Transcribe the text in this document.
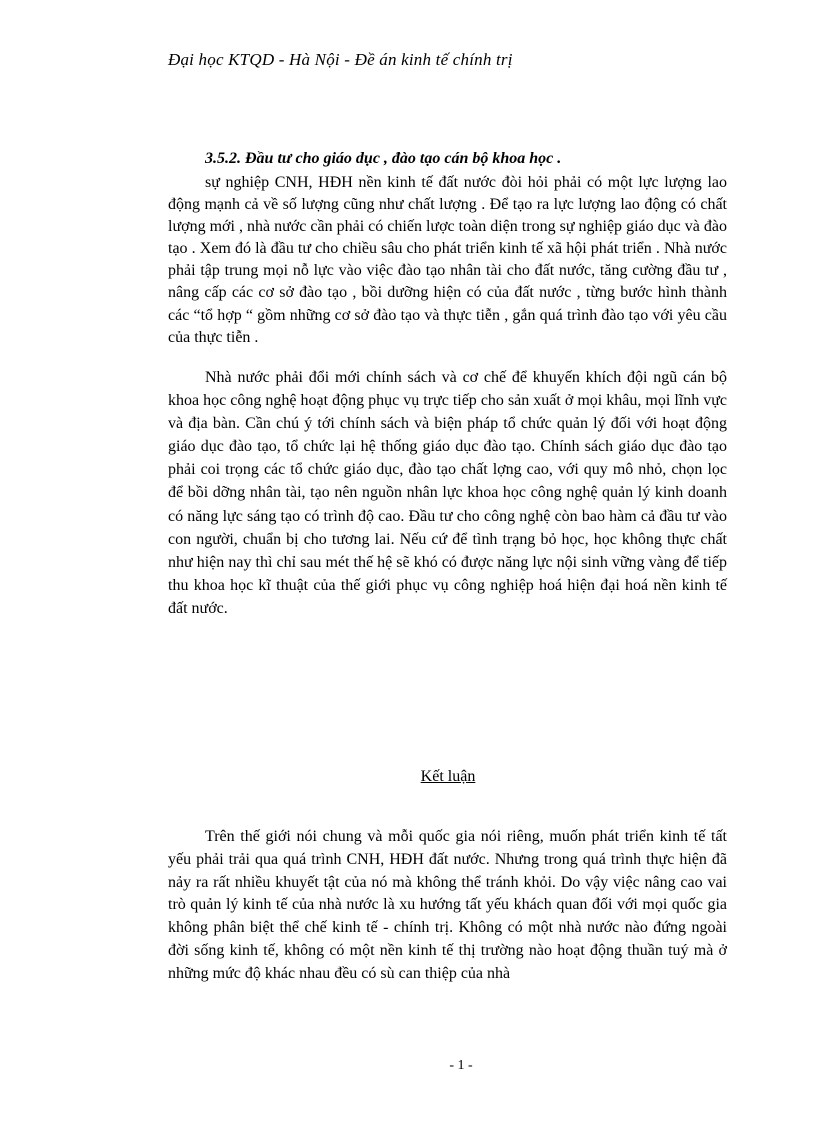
Đại học KTQD - Hà Nội - Đề án kinh tế chính trị
3.5.2. Đầu tư cho giáo dục , đào tạo cán bộ khoa học .

sự nghiệp CNH, HĐH nền kinh tế đất nước đòi hỏi phải có một lực lượng lao động mạnh cả về số lượng cũng như chất lượng . Để tạo ra lực lượng lao động có chất lượng mới , nhà nước cần phải có chiến lược toàn diện trong sự nghiệp giáo dục và đào tạo . Xem đó là đầu tư cho chiều sâu cho phát triển kinh tế xã hội phát triển . Nhà nước phải tập trung mọi nỗ lực vào việc đào tạo nhân tài cho đất nước, tăng cường đầu tư , nâng cấp các cơ sở đào tạo , bồi dưỡng hiện có của đất nước , từng bước hình thành các “tổ hợp “ gồm những cơ sở đào tạo và thực tiễn , gắn quá trình đào tạo với yêu cầu của thực tiễn .

Nhà nước phải đổi mới chính sách và cơ chế để khuyến khích đội ngũ cán bộ khoa học công nghệ hoạt động phục vụ trực tiếp cho sản xuất ở mọi khâu, mọi lĩnh vực và địa bàn. Cần chú ý tới chính sách và biện pháp tổ chức quản lý đối với hoạt động giáo dục đào tạo, tổ chức lại hệ thống giáo dục đào tạo. Chính sách giáo dục đào tạo phải coi trọng các tổ chức giáo dục, đào tạo chất lợng cao, với quy mô nhỏ, chọn lọc để bồi dỡng nhân tài, tạo nên nguồn nhân lực khoa học công nghệ quản lý kinh doanh có năng lực sáng tạo có trình độ cao. Đầu tư cho công nghệ còn bao hàm cả đầu tư vào con người, chuẩn bị cho tương lai. Nếu cứ để tình trạng bỏ học, học không thực chất như hiện nay thì chỉ sau mét thế hệ sẽ khó có được năng lực nội sinh vững vàng để tiếp thu khoa học kĩ thuật của thế giới phục vụ công nghiệp hoá hiện đại hoá nền kinh tế đất nước.

Kết luận

Trên thế giới nói chung và mỗi quốc gia nói riêng, muốn phát triển kinh tế tất yếu phải trải qua quá trình CNH, HĐH đất nước. Nhưng trong quá trình thực hiện đã nảy ra rất nhiều khuyết tật của nó mà không thể tránh khỏi. Do vậy việc nâng cao vai trò quản lý kinh tế của nhà nước là xu hướng tất yếu khách quan đối với mọi quốc gia không phân biệt thể chế kinh tế - chính trị. Không có một nhà nước nào đứng ngoài đời sống kinh tế, không có một nền kinh tế thị trường nào hoạt động thuần tuý mà ở những mức độ khác nhau đều có sù can thiệp của nhà

- 1 -
